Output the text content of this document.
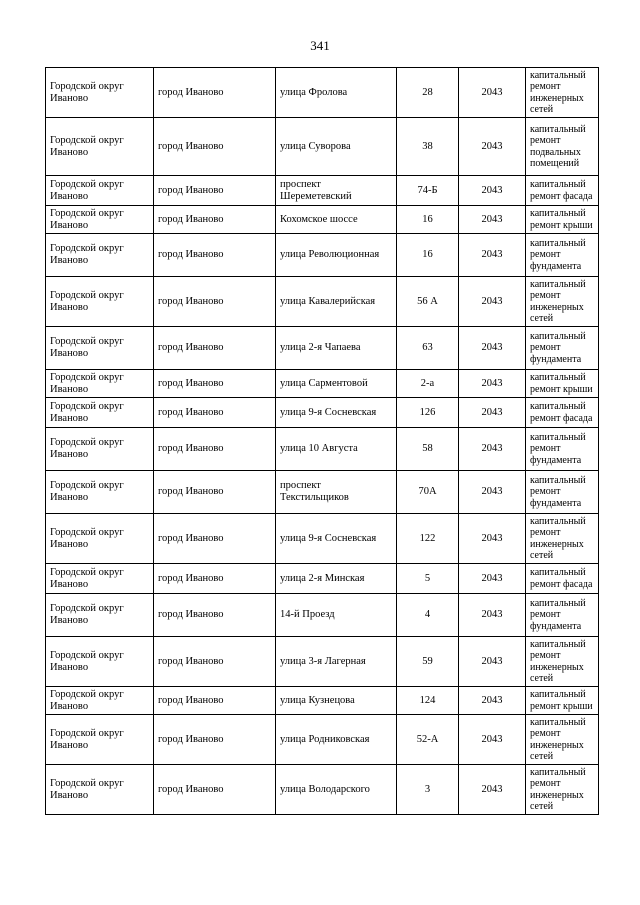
341
Городской округ Иваново	город Иваново	улица Фролова	28	2043	капитальный ремонт инженерных сетей
Городской округ Иваново	город Иваново	улица Суворова	38	2043	капитальный ремонт подвальных помещений
Городской округ Иваново	город Иваново	проспект Шереметевский	74-Б	2043	капитальный ремонт фасада
Городской округ Иваново	город Иваново	Кохомское шоссе	16	2043	капитальный ремонт крыши
Городской округ Иваново	город Иваново	улица Революционная	16	2043	капитальный ремонт фундамента
Городской округ Иваново	город Иваново	улица Кавалерийская	56 А	2043	капитальный ремонт инженерных сетей
Городской округ Иваново	город Иваново	улица 2-я Чапаева	63	2043	капитальный ремонт фундамента
Городской округ Иваново	город Иваново	улица Сарментовой	2-а	2043	капитальный ремонт крыши
Городской округ Иваново	город Иваново	улица 9-я Сосневская	126	2043	капитальный ремонт фасада
Городской округ Иваново	город Иваново	улица 10 Августа	58	2043	капитальный ремонт фундамента
Городской округ Иваново	город Иваново	проспект Текстильщиков	70А	2043	капитальный ремонт фундамента
Городской округ Иваново	город Иваново	улица 9-я Сосневская	122	2043	капитальный ремонт инженерных сетей
Городской округ Иваново	город Иваново	улица 2-я Минская	5	2043	капитальный ремонт фасада
Городской округ Иваново	город Иваново	14-й Проезд	4	2043	капитальный ремонт фундамента
Городской округ Иваново	город Иваново	улица 3-я Лагерная	59	2043	капитальный ремонт инженерных сетей
Городской округ Иваново	город Иваново	улица Кузнецова	124	2043	капитальный ремонт крыши
Городской округ Иваново	город Иваново	улица Родниковская	52-А	2043	капитальный ремонт инженерных сетей
Городской округ Иваново	город Иваново	улица Володарского	3	2043	капитальный ремонт инженерных сетей
